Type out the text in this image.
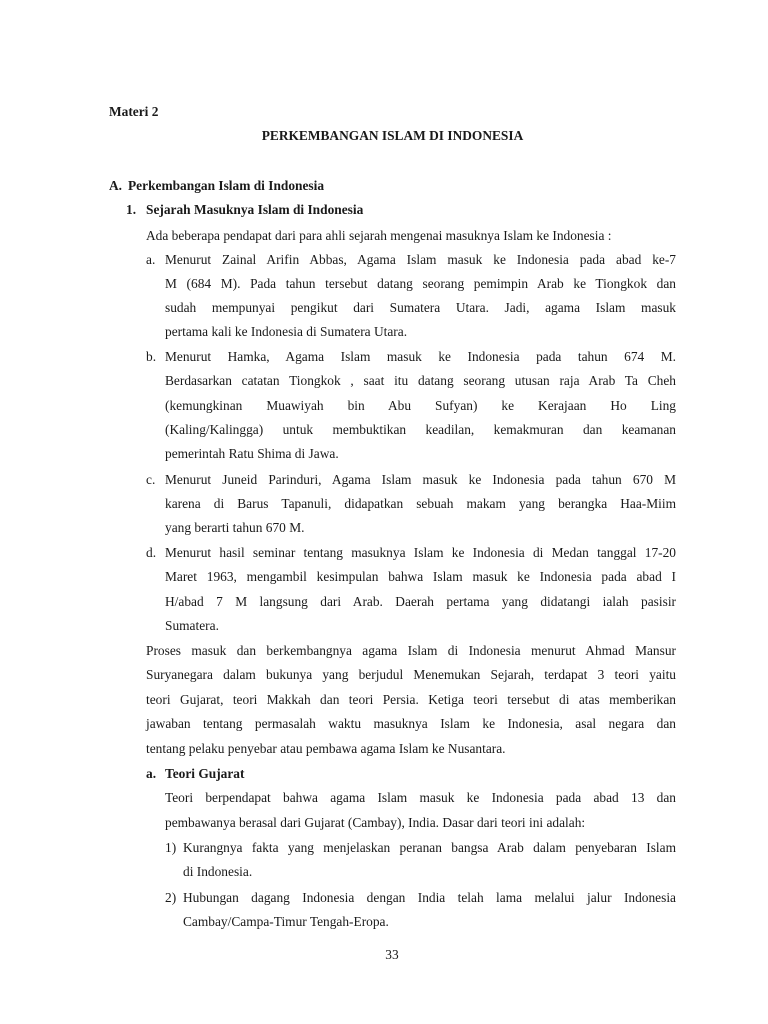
Materi 2
PERKEMBANGAN ISLAM DI INDONESIA
A. Perkembangan Islam di Indonesia
1. Sejarah Masuknya Islam di Indonesia
Ada beberapa pendapat dari para ahli sejarah mengenai masuknya Islam ke Indonesia :
a. Menurut Zainal Arifin Abbas, Agama Islam masuk ke Indonesia pada abad ke-7
M (684 M). Pada tahun tersebut datang seorang pemimpin Arab ke Tiongkok dan
sudah mempunyai pengikut dari Sumatera Utara. Jadi, agama Islam masuk
pertama kali ke Indonesia di Sumatera Utara.
b. Menurut Hamka, Agama Islam masuk ke Indonesia pada tahun 674 M.
Berdasarkan catatan Tiongkok , saat itu datang seorang utusan raja Arab Ta Cheh
(kemungkinan Muawiyah bin Abu Sufyan) ke Kerajaan Ho Ling
(Kaling/Kalingga) untuk membuktikan keadilan, kemakmuran dan keamanan
pemerintah Ratu Shima di Jawa.
c. Menurut Juneid Parinduri, Agama Islam masuk ke Indonesia pada tahun 670 M
karena di Barus Tapanuli, didapatkan sebuah makam yang berangka Haa-Miim
yang berarti tahun 670 M.
d. Menurut hasil seminar tentang masuknya Islam ke Indonesia di Medan tanggal 17-20
Maret 1963, mengambil kesimpulan bahwa Islam masuk ke Indonesia pada abad I
H/abad 7 M langsung dari Arab. Daerah pertama yang didatangi ialah pasisir
Sumatera.
Proses masuk dan berkembangnya agama Islam di Indonesia menurut Ahmad Mansur
Suryanegara dalam bukunya yang berjudul Menemukan Sejarah, terdapat 3 teori yaitu
teori Gujarat, teori Makkah dan teori Persia. Ketiga teori tersebut di atas memberikan
jawaban tentang permasalah waktu masuknya Islam ke Indonesia, asal negara dan
tentang pelaku penyebar atau pembawa agama Islam ke Nusantara.
a. Teori Gujarat
Teori berpendapat bahwa agama Islam masuk ke Indonesia pada abad 13 dan
pembawanya berasal dari Gujarat (Cambay), India. Dasar dari teori ini adalah:
1) Kurangnya fakta yang menjelaskan peranan bangsa Arab dalam penyebaran Islam
di Indonesia.
2) Hubungan dagang Indonesia dengan India telah lama melalui jalur Indonesia
Cambay/Campa-Timur Tengah-Eropa.
33
